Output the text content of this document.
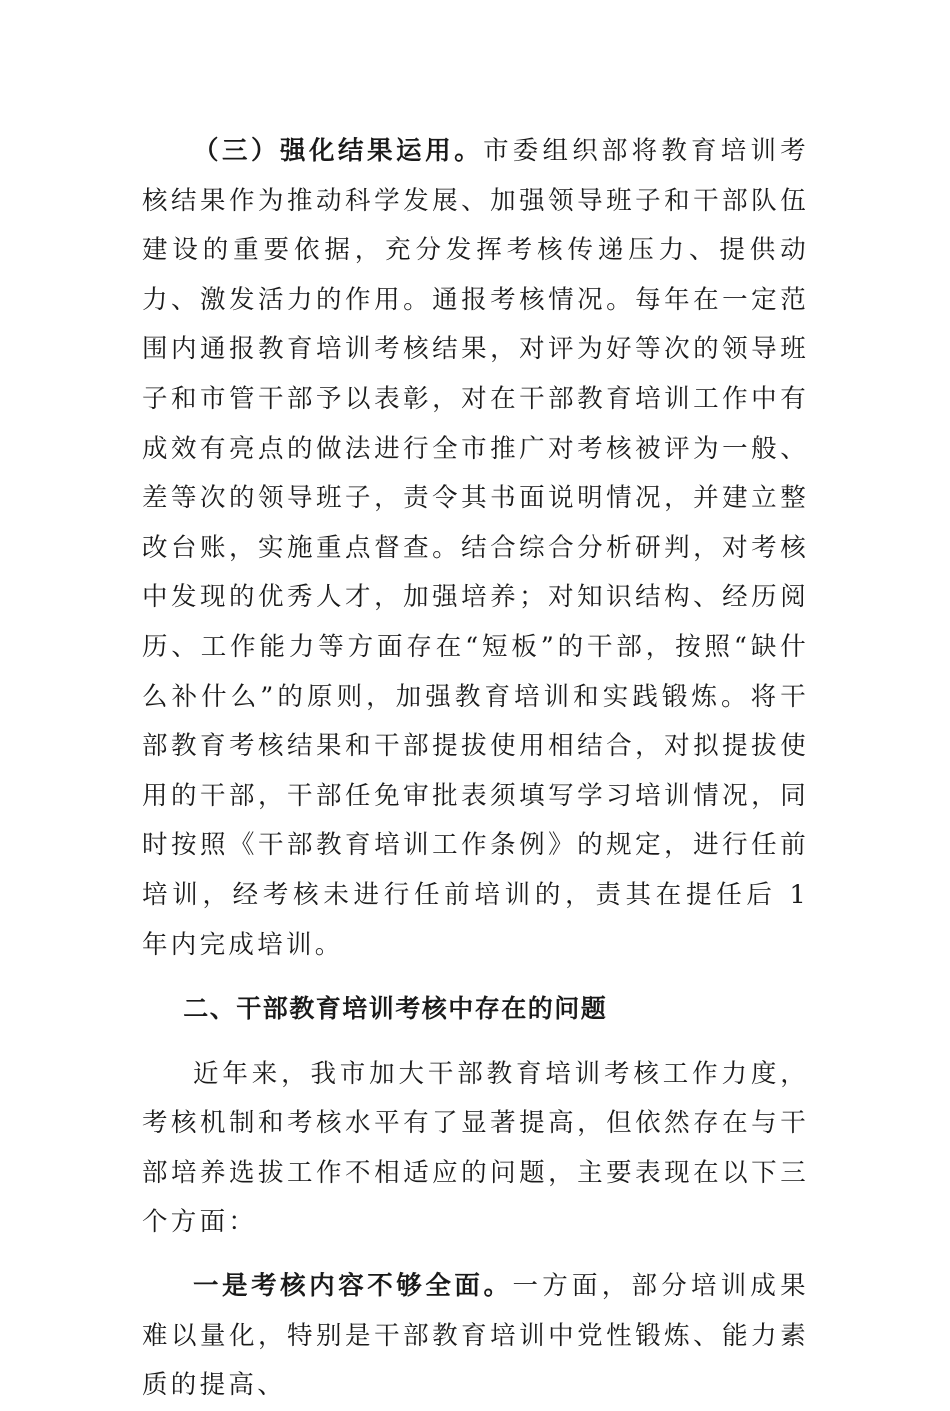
（三）强化结果运用。市委组织部将教育培训考核结果作为推动科学发展、加强领导班子和干部队伍建设的重要依据，充分发挥考核传递压力、提供动力、激发活力的作用。通报考核情况。每年在一定范围内通报教育培训考核结果，对评为好等次的领导班子和市管干部予以表彰，对在干部教育培训工作中有成效有亮点的做法进行全市推广对考核被评为一般、差等次的领导班子，责令其书面说明情况，并建立整改台账，实施重点督查。结合综合分析研判，对考核中发现的优秀人才，加强培养；对知识结构、经历阅历、工作能力等方面存在“短板”的干部，按照“缺什么补什么”的原则，加强教育培训和实践锻炼。将干部教育考核结果和干部提拔使用相结合，对拟提拔使用的干部，干部任免审批表须填写学习培训情况，同时按照《干部教育培训工作条例》的规定，进行任前培训，经考核未进行任前培训的，责其在提任后 1 年内完成培训。

二、干部教育培训考核中存在的问题

近年来，我市加大干部教育培训考核工作力度，考核机制和考核水平有了显著提高，但依然存在与干部培养选拔工作不相适应的问题，主要表现在以下三个方面：

一是考核内容不够全面。一方面，部分培训成果难以量化，特别是干部教育培训中党性锻炼、能力素质的提高、
